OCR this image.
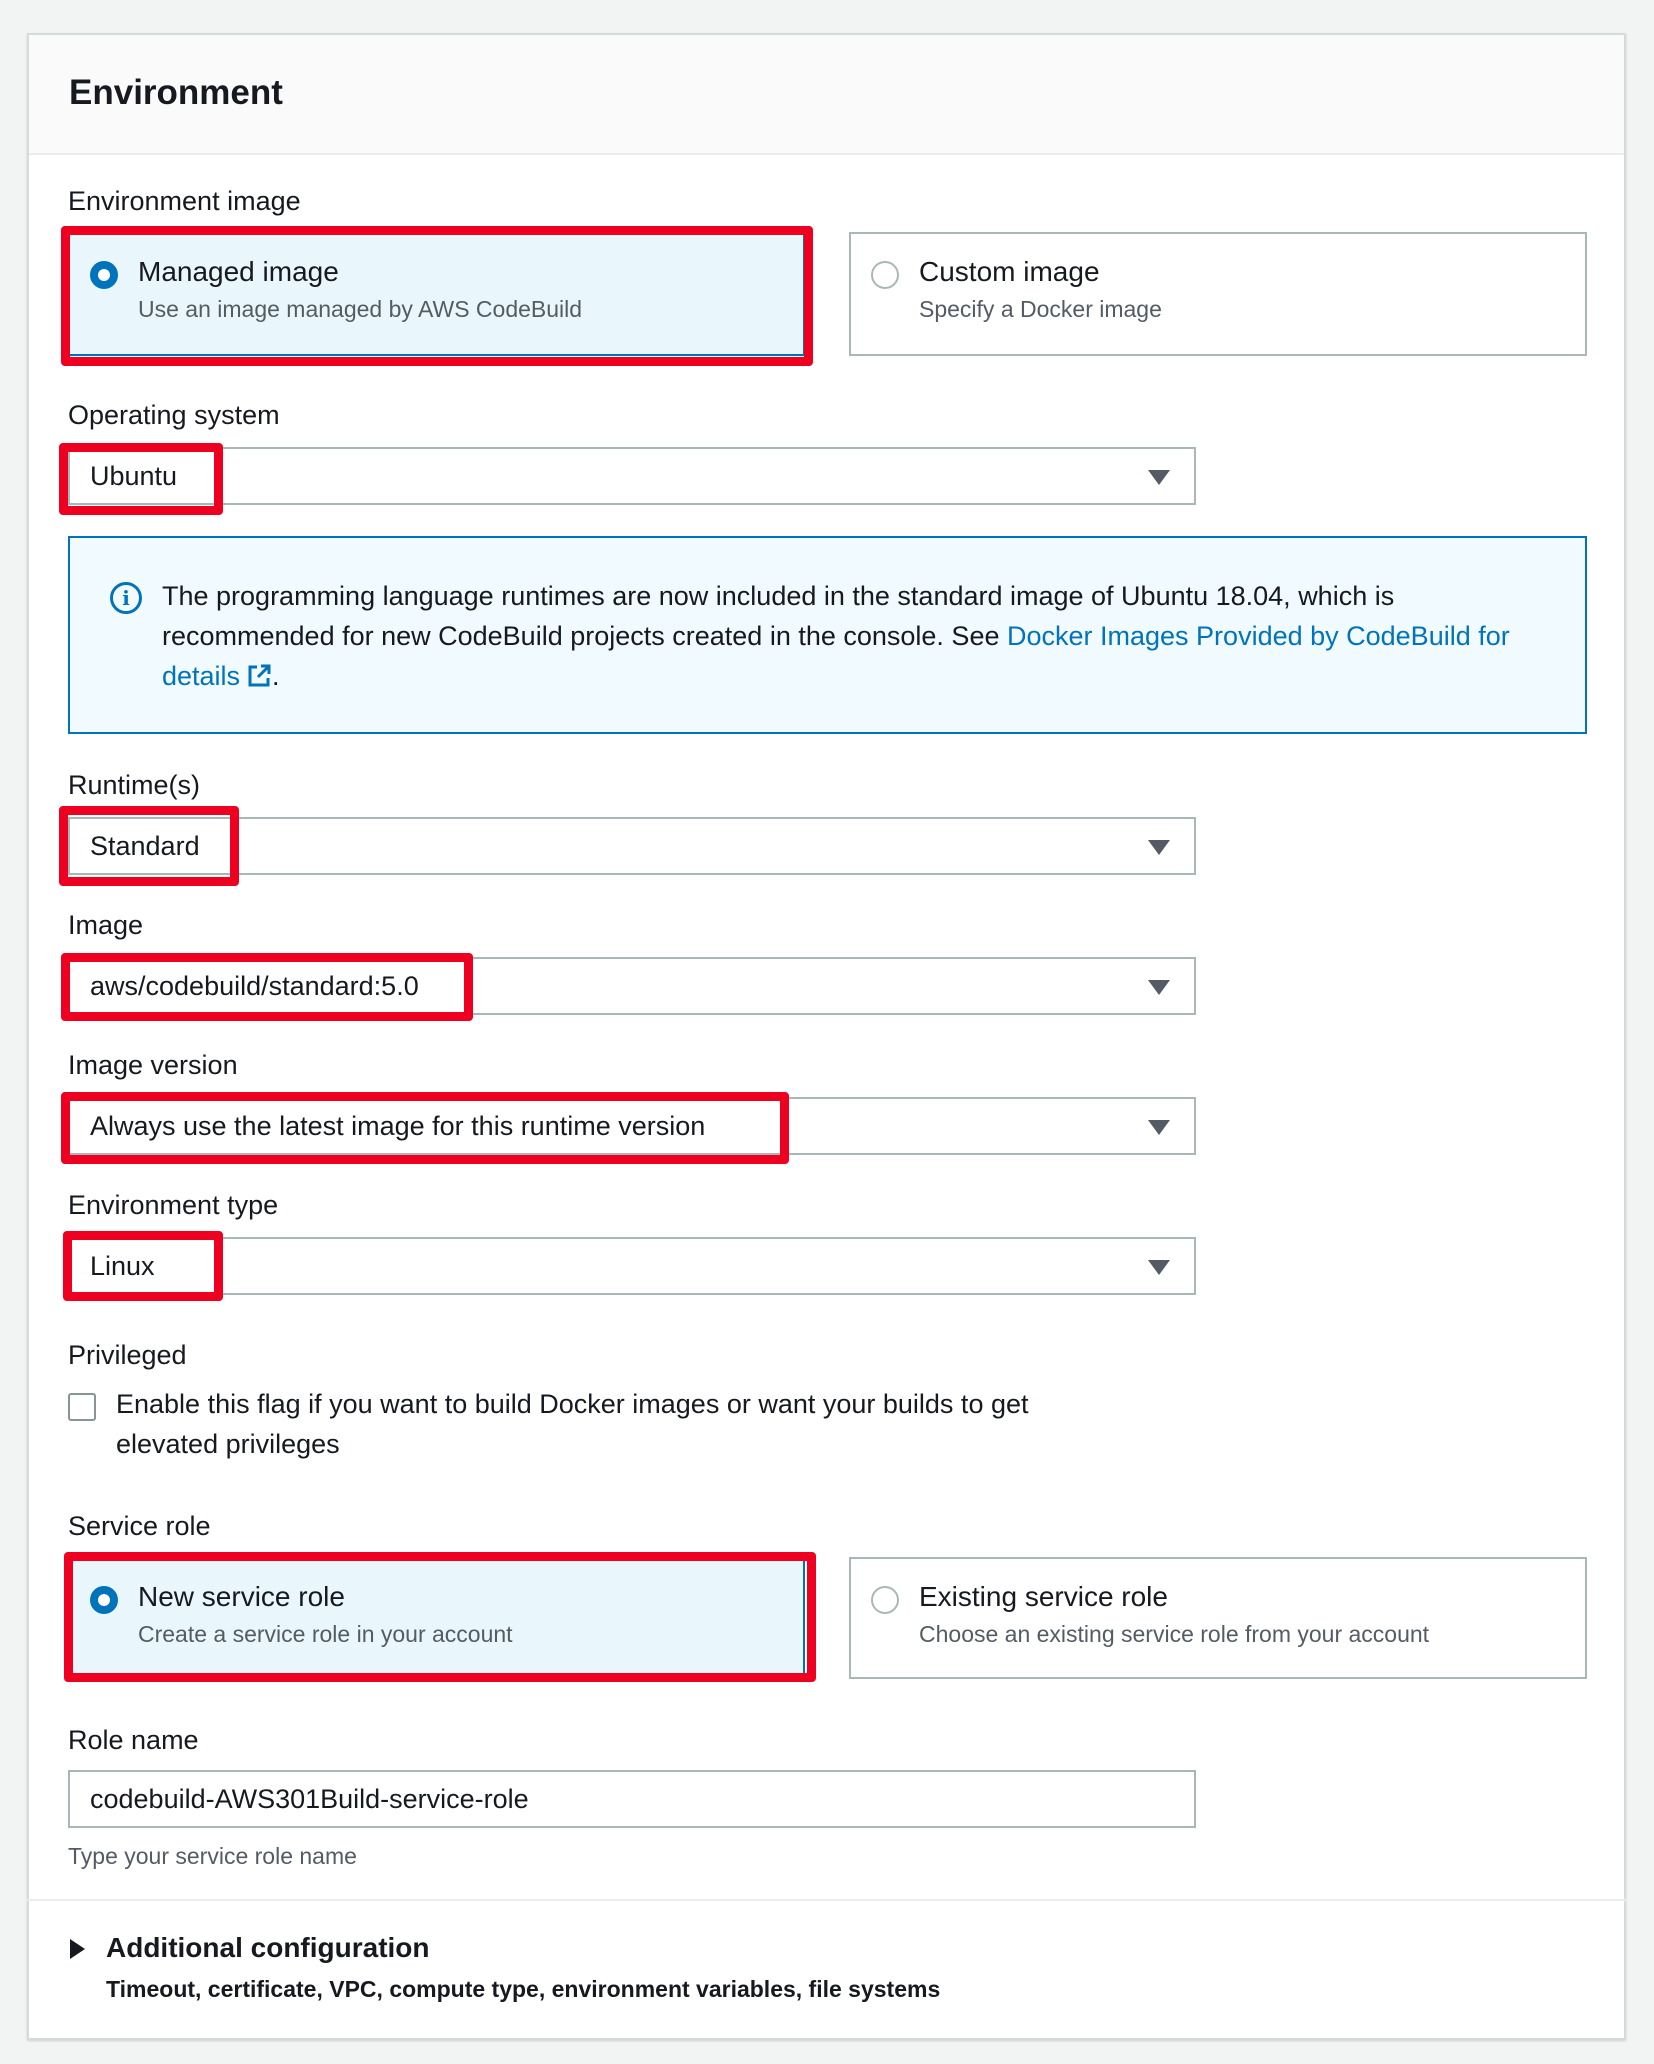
Environment
Environment image
Managed image
Use an image managed by AWS CodeBuild
Custom image
Specify a Docker image
Operating system
Ubuntu
i	The programming language runtimes are now included in the standard image of Ubuntu 18.04, which is recommended for new CodeBuild projects created in the console. See Docker Images Provided by CodeBuild for details .
Runtime(s)
Standard
Image
aws/codebuild/standard:5.0
Image version
Always use the latest image for this runtime version
Environment type
Linux
Privileged
Enable this flag if you want to build Docker images or want your builds to get elevated privileges
Service role
New service role
Create a service role in your account
Existing service role
Choose an existing service role from your account
Role name
codebuild-AWS301Build-service-role
Type your service role name
Additional configuration
Timeout, certificate, VPC, compute type, environment variables, file systems
